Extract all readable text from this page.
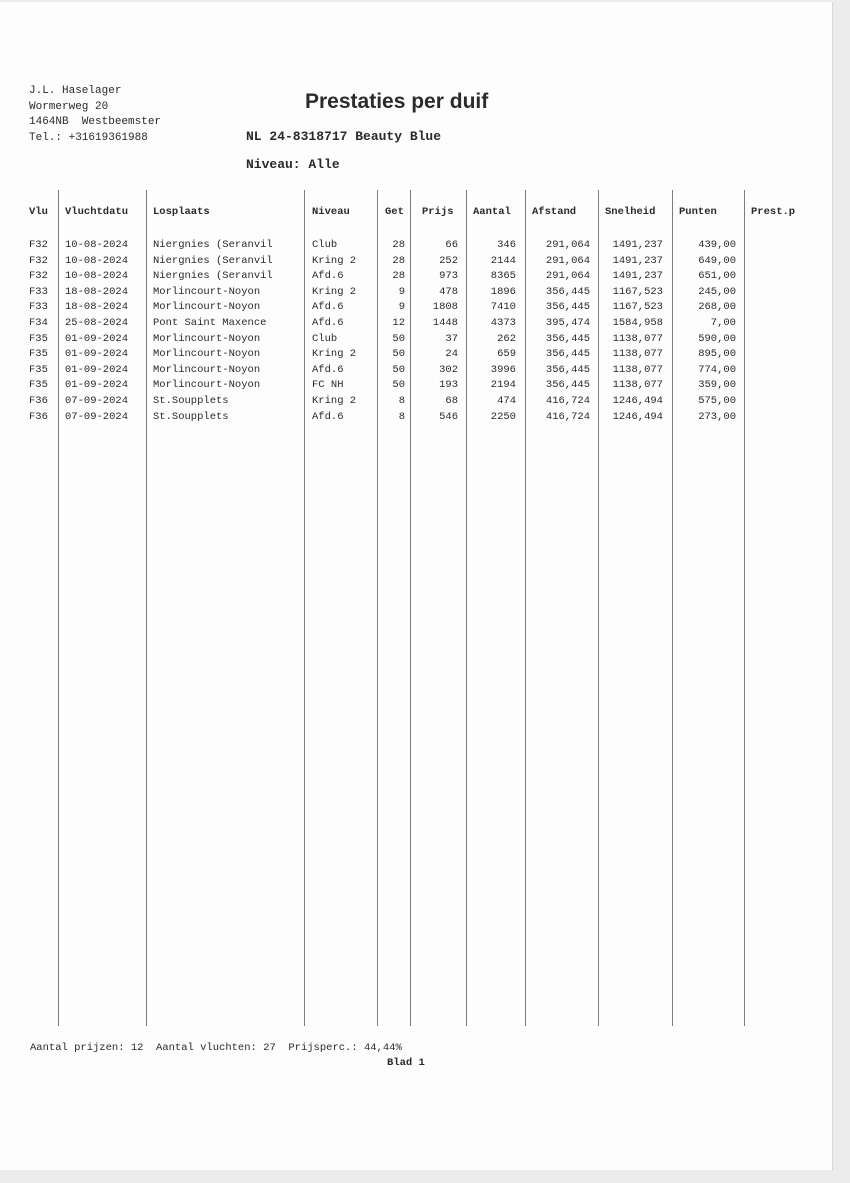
J.L. Haselager
Wormerweg 20
1464NB  Westbeemster
Tel.: +31619361988
Prestaties per duif
NL 24-8318717 Beauty Blue
Niveau: Alle
Vlu Vluchtdatu Losplaats	Niveau	Get Prijs Aantal Afstand	Snelheid Punten	Prest.p
F32	10-08-2024	Niergnies (Seranvil	Club	28	66	346	291,064	1491,237	439,00
F32	10-08-2024	Niergnies (Seranvil	Kring 2	28	252	2144	291,064	1491,237	649,00
F32	10-08-2024	Niergnies (Seranvil	Afd.6	28	973	8365	291,064	1491,237	651,00
F33	18-08-2024	Morlincourt-Noyon	Kring 2	9	478	1896	356,445	1167,523	245,00
F33	18-08-2024	Morlincourt-Noyon	Afd.6	9	1808	7410	356,445	1167,523	268,00
F34	25-08-2024	Pont Saint Maxence	Afd.6	12	1448	4373	395,474	1584,958	7,00
F35	01-09-2024	Morlincourt-Noyon	Club	50	37	262	356,445	1138,077	590,00
F35	01-09-2024	Morlincourt-Noyon	Kring 2	50	24	659	356,445	1138,077	895,00
F35	01-09-2024	Morlincourt-Noyon	Afd.6	50	302	3996	356,445	1138,077	774,00
F35	01-09-2024	Morlincourt-Noyon	FC NH	50	193	2194	356,445	1138,077	359,00
F36	07-09-2024	St.Soupplets	Kring 2	8	68	474	416,724	1246,494	575,00
F36	07-09-2024	St.Soupplets	Afd.6	8	546	2250	416,724	1246,494	273,00
Aantal prijzen: 12  Aantal vluchten: 27  Prijsperc.: 44,44%
Blad 1
